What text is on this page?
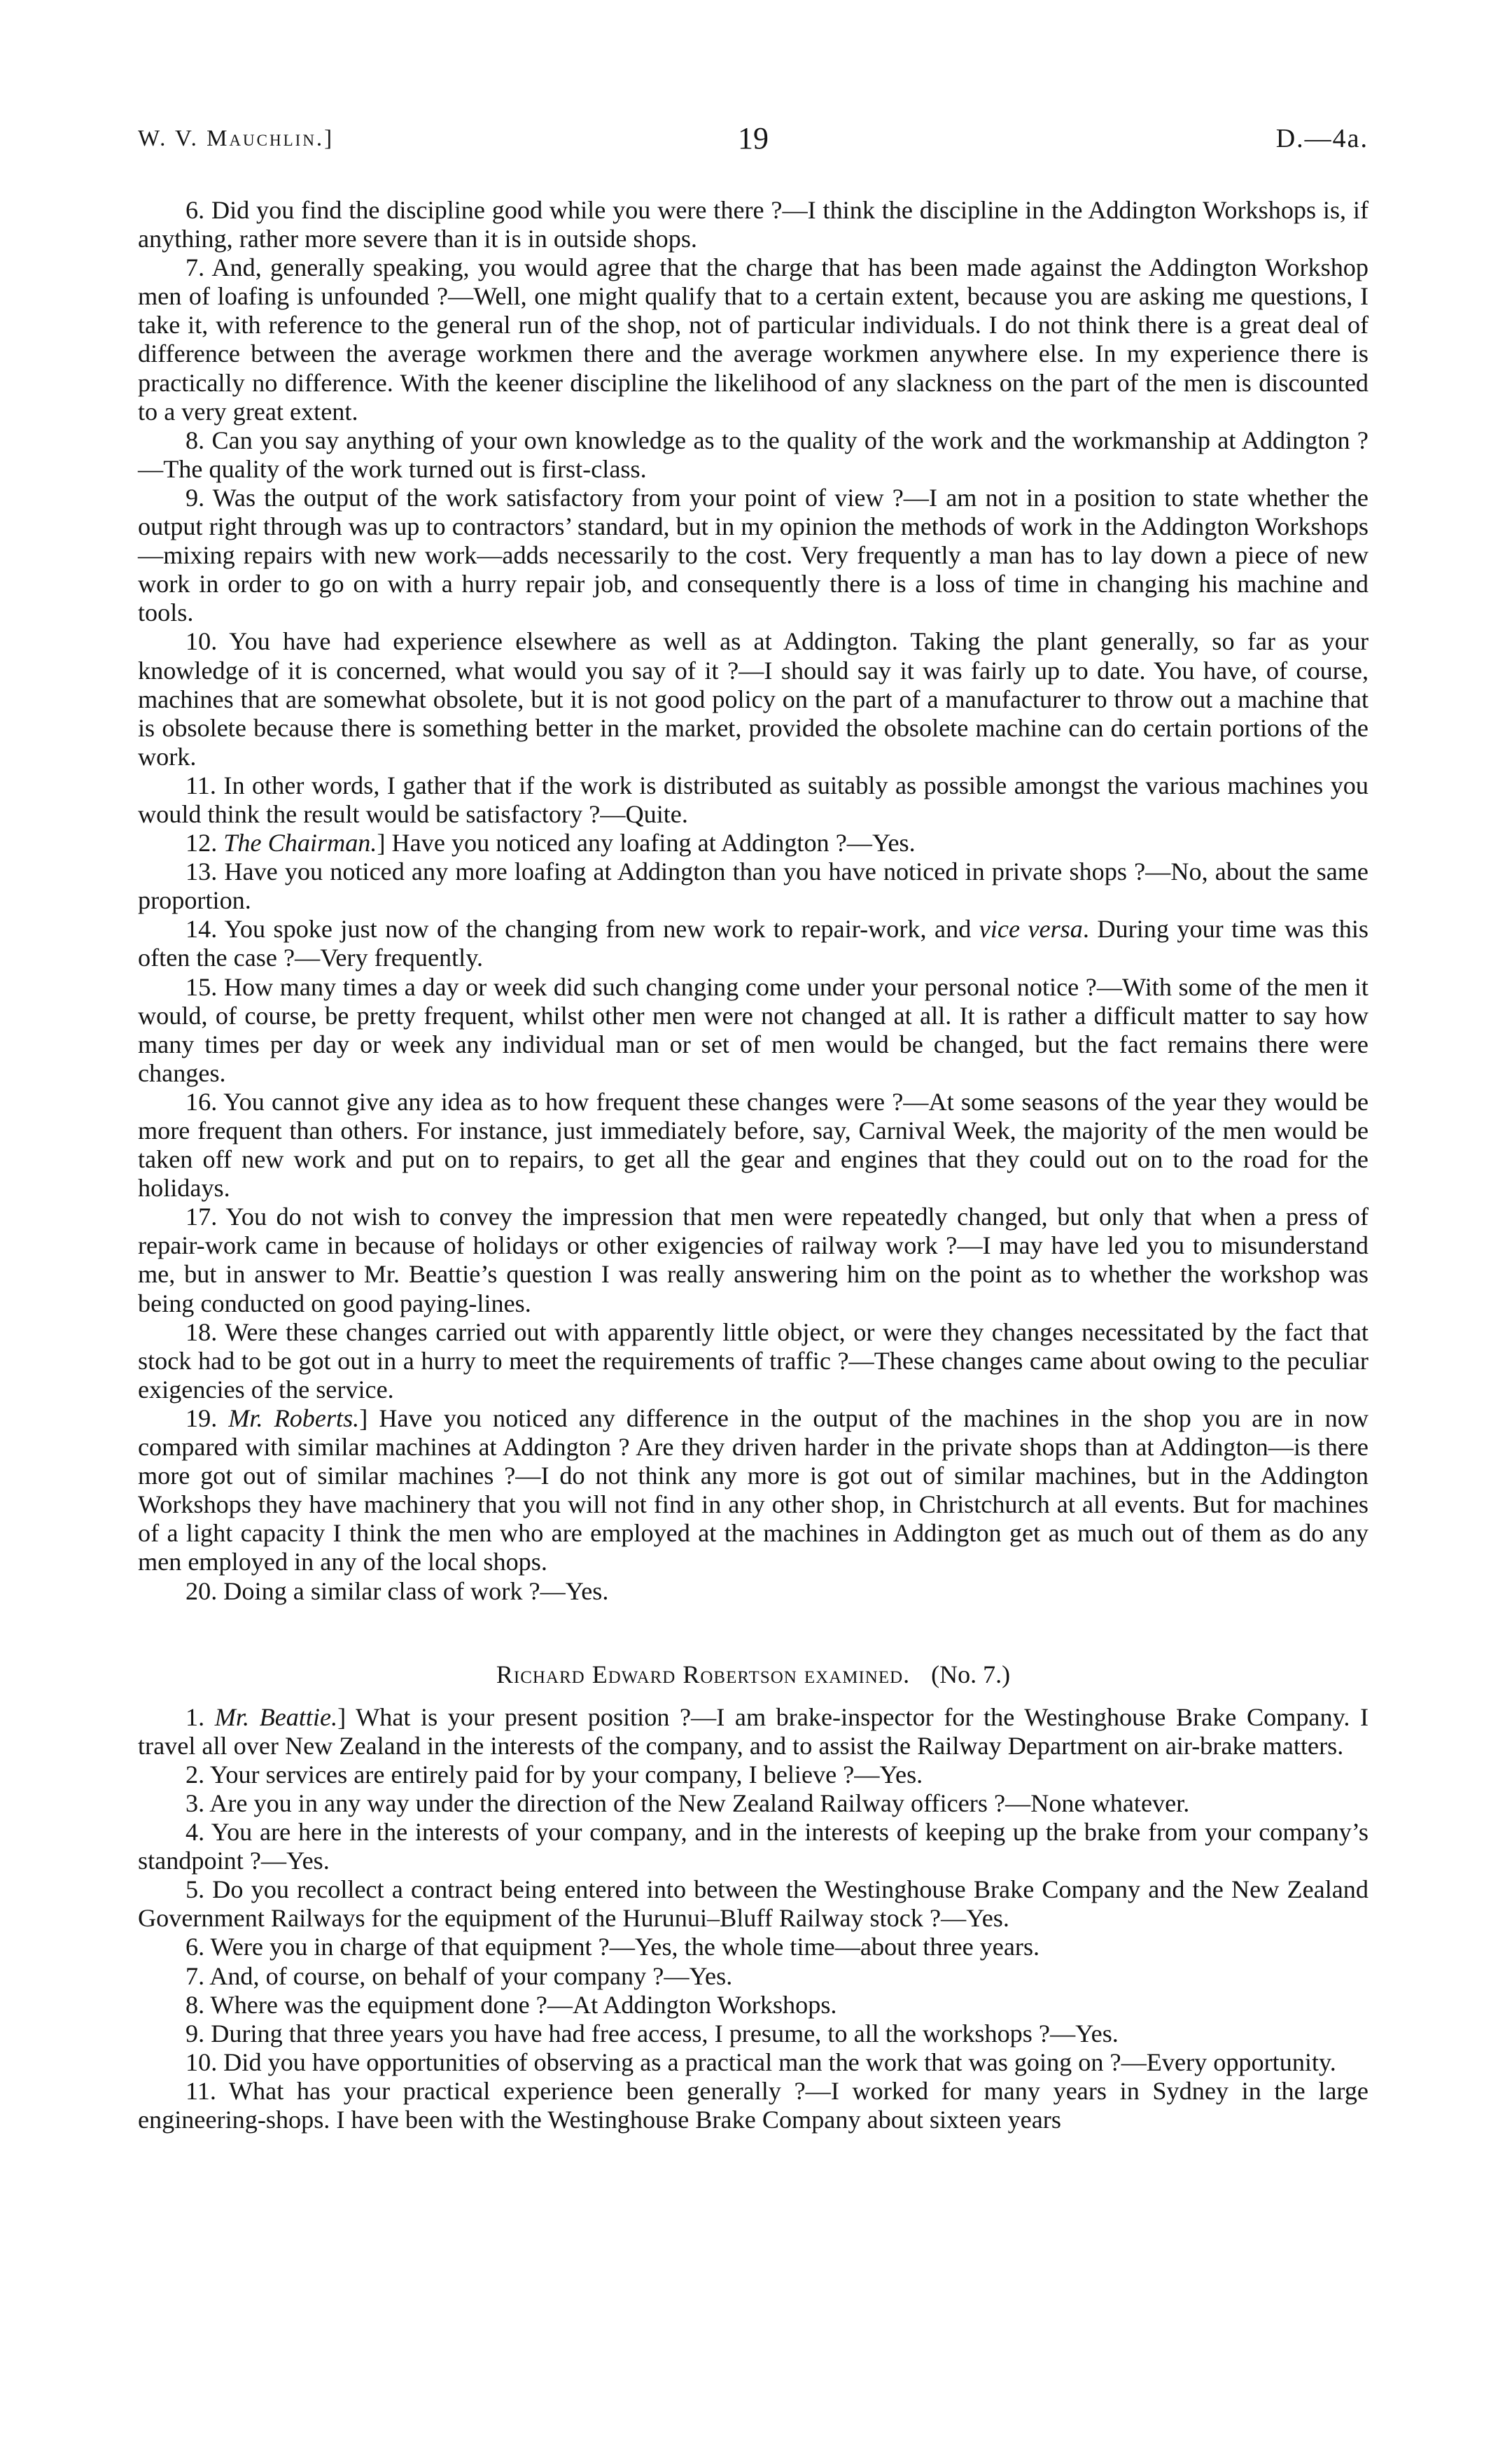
W. V. Mauchlin.]	19	D.—4a.

6. Did you find the discipline good while you were there ?—I think the discipline in the Addington Workshops is, if anything, rather more severe than it is in outside shops.

7. And, generally speaking, you would agree that the charge that has been made against the Addington Workshop men of loafing is unfounded ?—Well, one might qualify that to a certain extent, because you are asking me questions, I take it, with reference to the general run of the shop, not of particular individuals. I do not think there is a great deal of difference between the average workmen there and the average workmen anywhere else. In my experience there is practically no difference. With the keener discipline the likelihood of any slackness on the part of the men is discounted to a very great extent.

8. Can you say anything of your own knowledge as to the quality of the work and the workmanship at Addington ?—The quality of the work turned out is first-class.

9. Was the output of the work satisfactory from your point of view ?—I am not in a position to state whether the output right through was up to contractors’ standard, but in my opinion the methods of work in the Addington Workshops—mixing repairs with new work—adds necessarily to the cost. Very frequently a man has to lay down a piece of new work in order to go on with a hurry repair job, and consequently there is a loss of time in changing his machine and tools.

10. You have had experience elsewhere as well as at Addington. Taking the plant generally, so far as your knowledge of it is concerned, what would you say of it ?—I should say it was fairly up to date. You have, of course, machines that are somewhat obsolete, but it is not good policy on the part of a manufacturer to throw out a machine that is obsolete because there is something better in the market, provided the obsolete machine can do certain portions of the work.

11. In other words, I gather that if the work is distributed as suitably as possible amongst the various machines you would think the result would be satisfactory ?—Quite.

12. The Chairman.] Have you noticed any loafing at Addington ?—Yes.

13. Have you noticed any more loafing at Addington than you have noticed in private shops ?—No, about the same proportion.

14. You spoke just now of the changing from new work to repair-work, and vice versa. During your time was this often the case ?—Very frequently.

15. How many times a day or week did such changing come under your personal notice ?—With some of the men it would, of course, be pretty frequent, whilst other men were not changed at all. It is rather a difficult matter to say how many times per day or week any individual man or set of men would be changed, but the fact remains there were changes.

16. You cannot give any idea as to how frequent these changes were ?—At some seasons of the year they would be more frequent than others. For instance, just immediately before, say, Carnival Week, the majority of the men would be taken off new work and put on to repairs, to get all the gear and engines that they could out on to the road for the holidays.

17. You do not wish to convey the impression that men were repeatedly changed, but only that when a press of repair-work came in because of holidays or other exigencies of railway work ?—I may have led you to misunderstand me, but in answer to Mr. Beattie’s question I was really answering him on the point as to whether the workshop was being conducted on good paying-lines.

18. Were these changes carried out with apparently little object, or were they changes necessitated by the fact that stock had to be got out in a hurry to meet the requirements of traffic ?—These changes came about owing to the peculiar exigencies of the service.

19. Mr. Roberts.] Have you noticed any difference in the output of the machines in the shop you are in now compared with similar machines at Addington ? Are they driven harder in the private shops than at Addington—is there more got out of similar machines ?—I do not think any more is got out of similar machines, but in the Addington Workshops they have machinery that you will not find in any other shop, in Christchurch at all events. But for machines of a light capacity I think the men who are employed at the machines in Addington get as much out of them as do any men employed in any of the local shops.

20. Doing a similar class of work ?—Yes.

Richard Edward Robertson examined. (No. 7.)

1. Mr. Beattie.] What is your present position ?—I am brake-inspector for the Westinghouse Brake Company. I travel all over New Zealand in the interests of the company, and to assist the Railway Department on air-brake matters.

2. Your services are entirely paid for by your company, I believe ?—Yes.

3. Are you in any way under the direction of the New Zealand Railway officers ?—None whatever.

4. You are here in the interests of your company, and in the interests of keeping up the brake from your company’s standpoint ?—Yes.

5. Do you recollect a contract being entered into between the Westinghouse Brake Company and the New Zealand Government Railways for the equipment of the Hurunui–Bluff Railway stock ?—Yes.

6. Were you in charge of that equipment ?—Yes, the whole time—about three years.

7. And, of course, on behalf of your company ?—Yes.

8. Where was the equipment done ?—At Addington Workshops.

9. During that three years you have had free access, I presume, to all the workshops ?—Yes.

10. Did you have opportunities of observing as a practical man the work that was going on ?—Every opportunity.

11. What has your practical experience been generally ?—I worked for many years in Sydney in the large engineering-shops. I have been with the Westinghouse Brake Company about sixteen years
